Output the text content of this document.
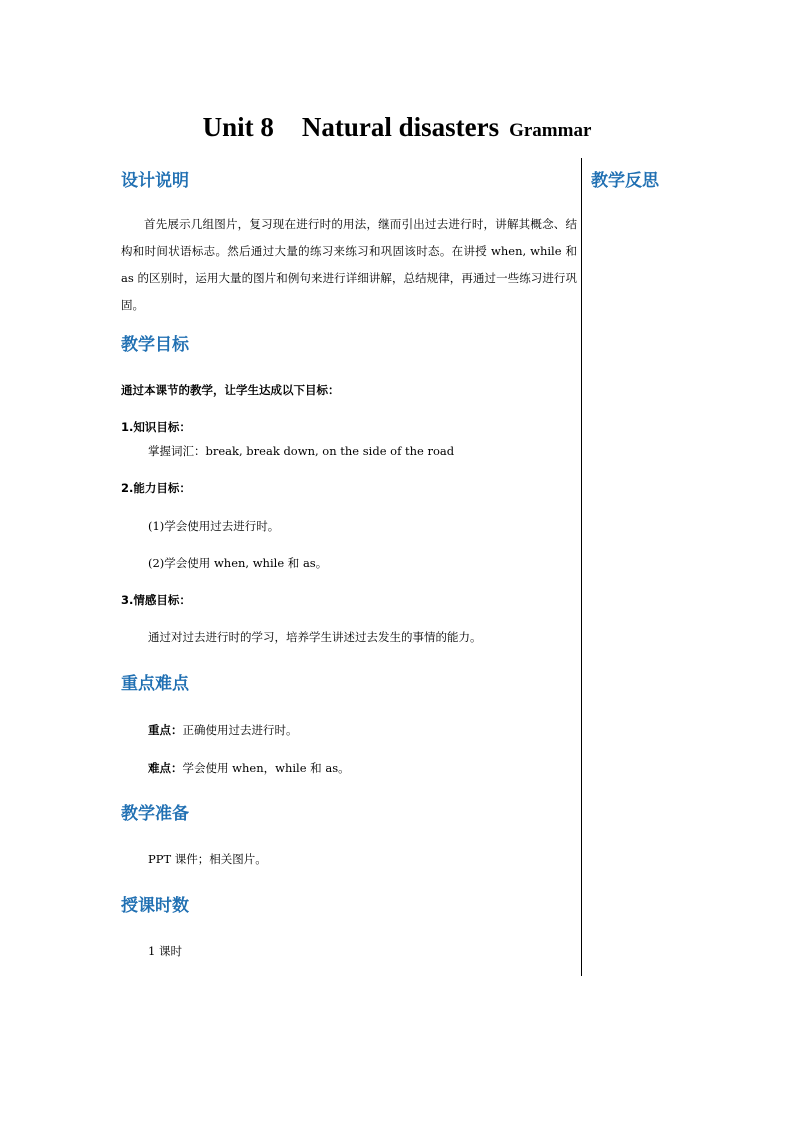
Unit 8 Natural disasters Grammar
教学反思
设计说明
首先展示几组图片，复习现在进行时的用法，继而引出过去进行时，讲解其概念、结构和时间状语标志。然后通过大量的练习来练习和巩固该时态。在讲授 when, while 和 as 的区别时，运用大量的图片和例句来进行详细讲解，总结规律，再通过一些练习进行巩固。
教学目标
通过本课节的教学，让学生达成以下目标：
1.知识目标：
掌握词汇：break, break down, on the side of the road
2.能力目标：
(1)学会使用过去进行时。
(2)学会使用 when, while 和 as。
3.情感目标：
通过对过去进行时的学习，培养学生讲述过去发生的事情的能力。
重点难点
重点：正确使用过去进行时。
难点：学会使用 when，while 和 as。
教学准备
PPT 课件；相关图片。
授课时数
1 课时
